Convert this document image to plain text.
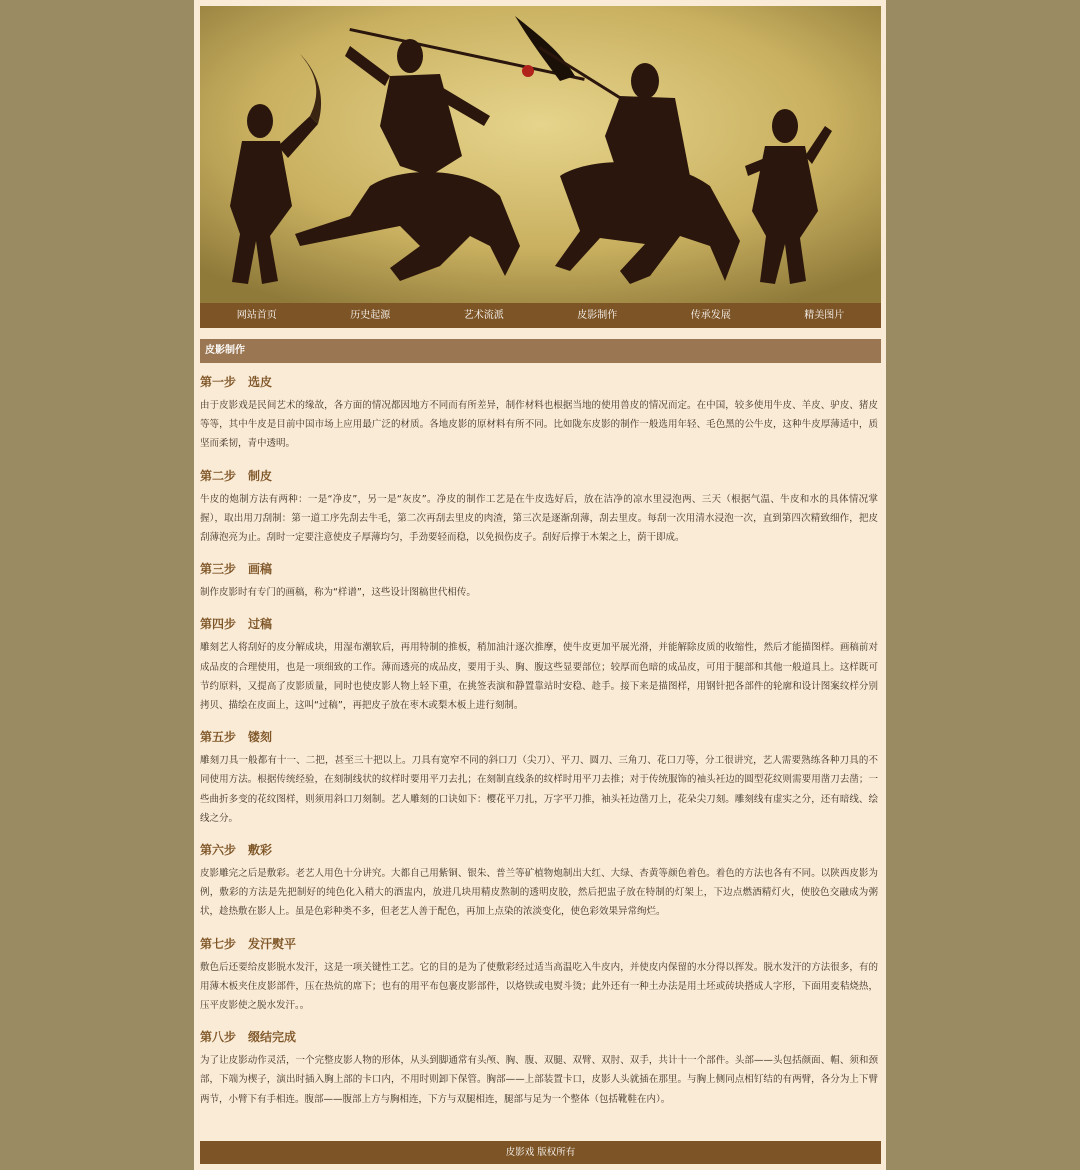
网站首页	历史起源	艺术流派	皮影制作	传承发展	精美图片
皮影制作
第一步　选皮

由于皮影戏是民间艺术的缘故，各方面的情况都因地方不同而有所差异，制作材料也根据当地的使用兽皮的情况而定。在中国，较多使用牛皮、羊皮、驴皮、猪皮等等，其中牛皮是目前中国市场上应用最广泛的材质。各地皮影的原材料有所不同。比如陇东皮影的制作一般选用年轻、毛色黑的公牛皮，这种牛皮厚薄适中，质坚而柔韧，青中透明。

第二步　制皮

牛皮的炮制方法有两种：一是“净皮”，另一是“灰皮”。净皮的制作工艺是在牛皮选好后，放在洁净的凉水里浸泡两、三天（根据气温、牛皮和水的具体情况掌握），取出用刀刮制：第一道工序先刮去牛毛，第二次再刮去里皮的肉渣，第三次是逐渐刮薄，刮去里皮。每刮一次用清水浸泡一次，直到第四次精致细作，把皮刮薄泡亮为止。刮时一定要注意使皮子厚薄均匀，手劲要轻而稳，以免损伤皮子。刮好后撑于木架之上，荫干即成。

第三步　画稿

制作皮影时有专门的画稿，称为“样谱”，这些设计图稿世代相传。

第四步　过稿

雕刻艺人将刮好的皮分解成块，用湿布潮软后，再用特制的推板，稍加油汁逐次推摩，使牛皮更加平展光滑，并能解除皮质的收缩性，然后才能描图样。画稿前对成品皮的合理使用，也是一项细致的工作。薄而透亮的成品皮，要用于头、胸、腹这些显要部位；较厚而色暗的成品皮，可用于腿部和其他一般道具上。这样既可节约原料，又提高了皮影质量，同时也使皮影人物上轻下重，在挑签表演和静置靠站时安稳、趁手。接下来是描图样，用钢针把各部件的轮廓和设计图案纹样分别拷贝、描绘在皮面上，这叫“过稿”，再把皮子放在枣木或梨木板上进行刻制。

第五步　镂刻

雕刻刀具一般都有十一、二把，甚至三十把以上。刀具有宽窄不同的斜口刀（尖刀）、平刀、圆刀、三角刀、花口刀等，分工很讲究，艺人需要熟练各种刀具的不同使用方法。根据传统经验，在刻制线状的纹样时要用平刀去扎；在刻制直线条的纹样时用平刀去推；对于传统服饰的袖头衽边的圆型花纹则需要用凿刀去凿；一些曲折多变的花纹图样，则须用斜口刀刻制。艺人雕刻的口诀如下：樱花平刀扎，万字平刀推，袖头衽边凿刀上，花朵尖刀刻。雕刻线有虚实之分，还有暗线、绘线之分。

第六步　敷彩

皮影雕完之后是敷彩。老艺人用色十分讲究。大都自己用紫铜、银朱、普兰等矿植物炮制出大红、大绿、杏黄等颜色着色。着色的方法也各有不同。以陕西皮影为例，敷彩的方法是先把制好的纯色化入稍大的酒盅内，放进几块用精皮熬制的透明皮胶，然后把盅子放在特制的灯架上，下边点燃酒精灯火，使胶色交融成为粥状，趁热敷在影人上。虽是色彩种类不多，但老艺人善于配色，再加上点染的浓淡变化，使色彩效果异常绚烂。

第七步　发汗熨平

敷色后还要给皮影脱水发汗，这是一项关键性工艺。它的目的是为了使敷彩经过适当高温吃入牛皮内，并使皮内保留的水分得以挥发。脱水发汗的方法很多，有的用薄木板夹住皮影部件，压在热炕的席下；也有的用平布包裹皮影部件，以烙铁或电熨斗烫；此外还有一种土办法是用土坯或砖块搭成人字形，下面用麦秸烧热，压平皮影使之脱水发汗。。

第八步　缀结完成

为了让皮影动作灵活，一个完整皮影人物的形体，从头到脚通常有头颅、胸、腹、双腿、双臂、双肘、双手，共计十一个部件。头部——头包括颜面、帽、须和颈部，下端为楔子，演出时插入胸上部的卡口内，不用时则卸下保管。胸部——上部装置卡口，皮影人头就插在那里。与胸上侧同点相钉结的有两臂，各分为上下臂两节，小臂下有手相连。腹部——腹部上方与胸相连，下方与双腿相连，腿部与足为一个整体（包括靴鞋在内）。

皮影戏 版权所有
